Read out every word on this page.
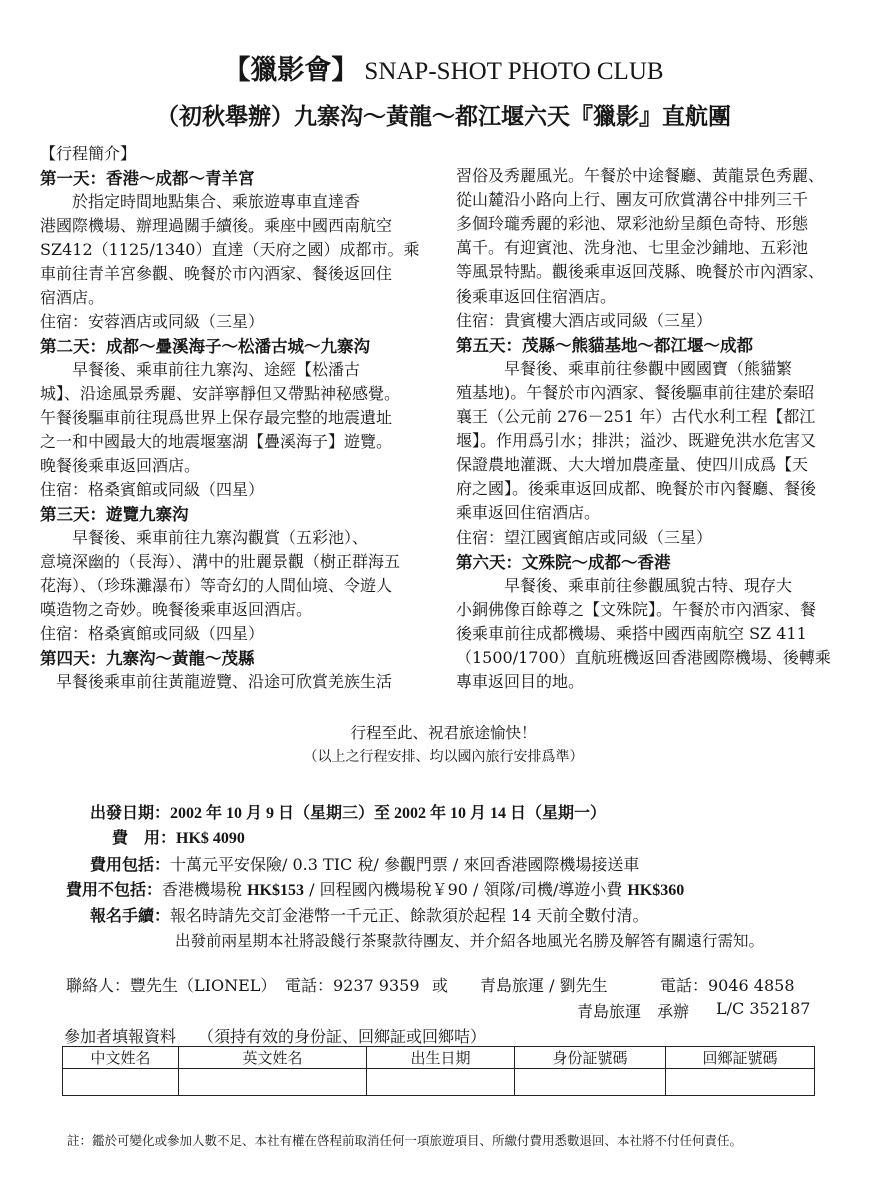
【獵影會】 SNAP-SHOT PHOTO CLUB
（初秋舉辦）九寨沟～黃龍～都江堰六天『獵影』直航團
【行程簡介】
第一天：香港～成都～青羊宮
　　於指定時間地點集合、乘旅遊專車直達香
港國際機場、辦理過關手續後。乘座中國西南航空
SZ412（1125/1340）直達（天府之國）成都市。乘
車前往青羊宮參觀、晚餐於市內酒家、餐後返回住
宿酒店。
住宿：安蓉酒店或同級（三星）
第二天：成都～疊溪海子～松潘古城～九寨沟
　　早餐後、乘車前往九寨沟、途經【松潘古
城】、沿途風景秀麗、安詳寧靜但又帶點神秘感覺。
午餐後驅車前往現爲世界上保存最完整的地震遺址
之一和中國最大的地震堰塞湖【疊溪海子】遊覽。
晚餐後乘車返回酒店。
住宿：格桑賓館或同級（四星）
第三天：遊覽九寨沟
　　早餐後、乘車前往九寨沟觀賞（五彩池）、
意境深幽的（長海）、溝中的壯麗景觀（樹正群海五
花海）、（珍珠灘瀑布）等奇幻的人間仙境、令遊人
嘆造物之奇妙。晚餐後乘車返回酒店。
住宿：格桑賓館或同級（四星）
第四天：九寨沟～黃龍～茂縣
　早餐後乘車前往黃龍遊覽、沿途可欣賞羌族生活
習俗及秀麗風光。午餐於中途餐廳、黃龍景色秀麗、
從山麓沿小路向上行、團友可欣賞溝谷中排列三千
多個玲瓏秀麗的彩池、眾彩池紛呈顏色奇特、形態
萬千。有迎賓池、洗身池、七里金沙鋪地、五彩池
等風景特點。觀後乘車返回茂縣、晚餐於市內酒家、
後乘車返回住宿酒店。
住宿：貴賓樓大酒店或同級（三星）
第五天：茂縣～熊貓基地～都江堰～成都
　　　早餐後、乘車前往參觀中國國寶（熊貓繁
殖基地)。午餐於市內酒家、餐後驅車前往建於秦昭
襄王（公元前 276－251 年）古代水利工程【都江
堰】。作用爲引水；排洪；溢沙、既避免洪水危害又
保證農地灌溉、大大增加農產量、使四川成爲【天
府之國】。後乘車返回成都、晚餐於市內餐廳、餐後
乘車返回住宿酒店。
住宿：望江國賓館店或同級（三星）
第六天：文殊院～成都～香港
　　　早餐後、乘車前往參觀風貌古特、現存大
小銅佛像百餘尊之【文殊院】。午餐於市內酒家、餐
後乘車前往成都機場、乘搭中國西南航空 SZ 411
（1500/1700）直航班機返回香港國際機場、後轉乘
專車返回目的地。
行程至此、祝君旅途愉快！
（以上之行程安排、均以國內旅行安排爲準）
出發日期：2002 年 10 月 9 日（星期三）至 2002 年 10 月 14 日（星期一）
費　用：HK$ 4090
費用包括：十萬元平安保險/ 0.3 TIC 稅/ 參觀門票 / 來回香港國際機場接送車
費用不包括：香港機場稅 HK$153 / 回程國內機場稅￥90 / 領隊/司機/導遊小費 HK$360
報名手續：報名時請先交訂金港幣一千元正、餘款須於起程 14 天前全數付清。
出發前兩星期本社將設餞行茶聚款待團友、并介紹各地風光名勝及解答有關遠行需知。
聯絡人：豐先生（LIONEL） 電話：9237 9359 或 青島旅運 / 劉先生	電話：9046 4858
青島旅運　承辦 L/C 352187
參加者填報資料 （須持有效的身份証、回鄉証或回鄉咭）
中文姓名	英文姓名	出生日期	身份証號碼	回鄉証號碼

註：鑑於可變化或參加人數不足、本社有權在啓程前取消任何一項旅遊項目、所繳付費用悉數退回、本社將不付任何責任。
